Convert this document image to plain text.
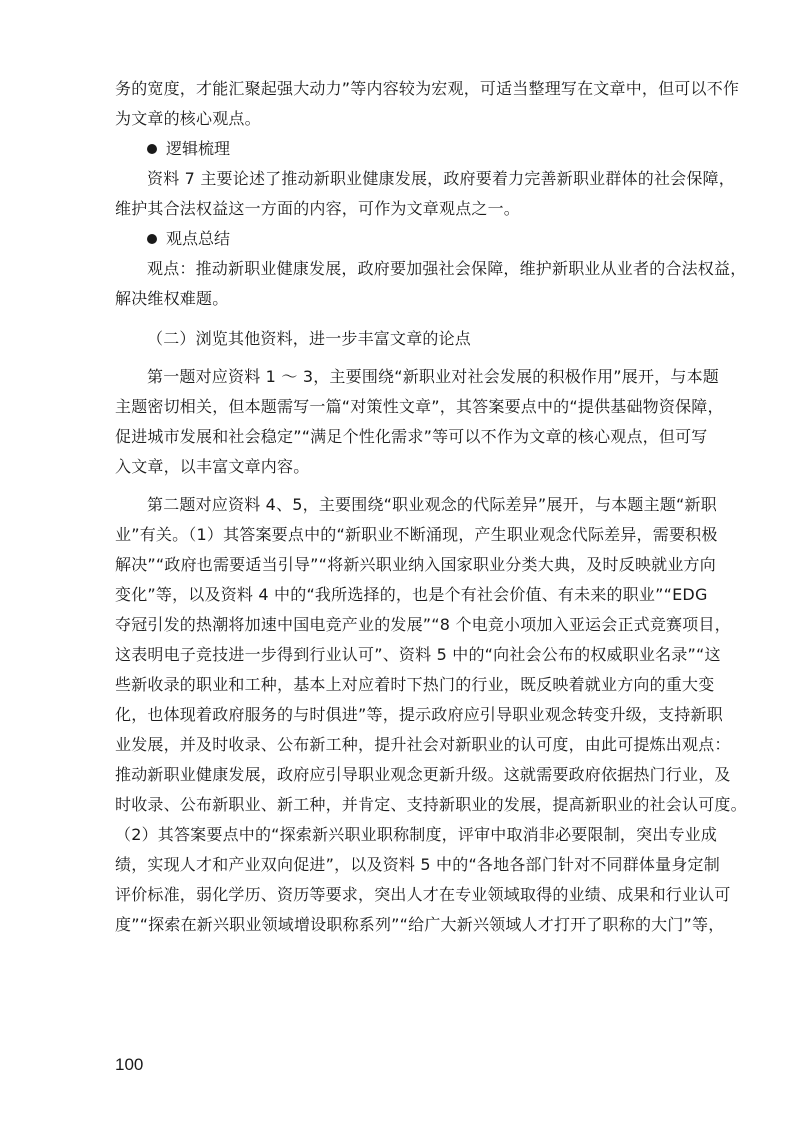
务的宽度，才能汇聚起强大动力”等内容较为宏观，可适当整理写在文章中，但可以不作
为文章的核心观点。
逻辑梳理
资料 7 主要论述了推动新职业健康发展，政府要着力完善新职业群体的社会保障，
维护其合法权益这一方面的内容，可作为文章观点之一。
观点总结
观点：推动新职业健康发展，政府要加强社会保障，维护新职业从业者的合法权益，
解决维权难题。
（二）浏览其他资料，进一步丰富文章的论点
第一题对应资料 1 ～ 3，主要围绕“新职业对社会发展的积极作用”展开，与本题
主题密切相关，但本题需写一篇“对策性文章”，其答案要点中的“提供基础物资保障，
促进城市发展和社会稳定”“满足个性化需求”等可以不作为文章的核心观点，但可写
入文章，以丰富文章内容。
第二题对应资料 4、5，主要围绕“职业观念的代际差异”展开，与本题主题“新职
业”有关。（1）其答案要点中的“新职业不断涌现，产生职业观念代际差异，需要积极
解决”“政府也需要适当引导”“将新兴职业纳入国家职业分类大典，及时反映就业方向
变化”等，以及资料 4 中的“我所选择的，也是个有社会价值、有未来的职业”“EDG
夺冠引发的热潮将加速中国电竞产业的发展”“8 个电竞小项加入亚运会正式竞赛项目，
这表明电子竞技进一步得到行业认可”、资料 5 中的“向社会公布的权威职业名录”“这
些新收录的职业和工种，基本上对应着时下热门的行业，既反映着就业方向的重大变
化，也体现着政府服务的与时俱进”等，提示政府应引导职业观念转变升级，支持新职
业发展，并及时收录、公布新工种，提升社会对新职业的认可度，由此可提炼出观点：
推动新职业健康发展，政府应引导职业观念更新升级。这就需要政府依据热门行业，及
时收录、公布新职业、新工种，并肯定、支持新职业的发展，提高新职业的社会认可度。
（2）其答案要点中的“探索新兴职业职称制度，评审中取消非必要限制，突出专业成
绩，实现人才和产业双向促进”，以及资料 5 中的“各地各部门针对不同群体量身定制
评价标准，弱化学历、资历等要求，突出人才在专业领域取得的业绩、成果和行业认可
度”“探索在新兴职业领域增设职称系列”“给广大新兴领域人才打开了职称的大门”等，
100
